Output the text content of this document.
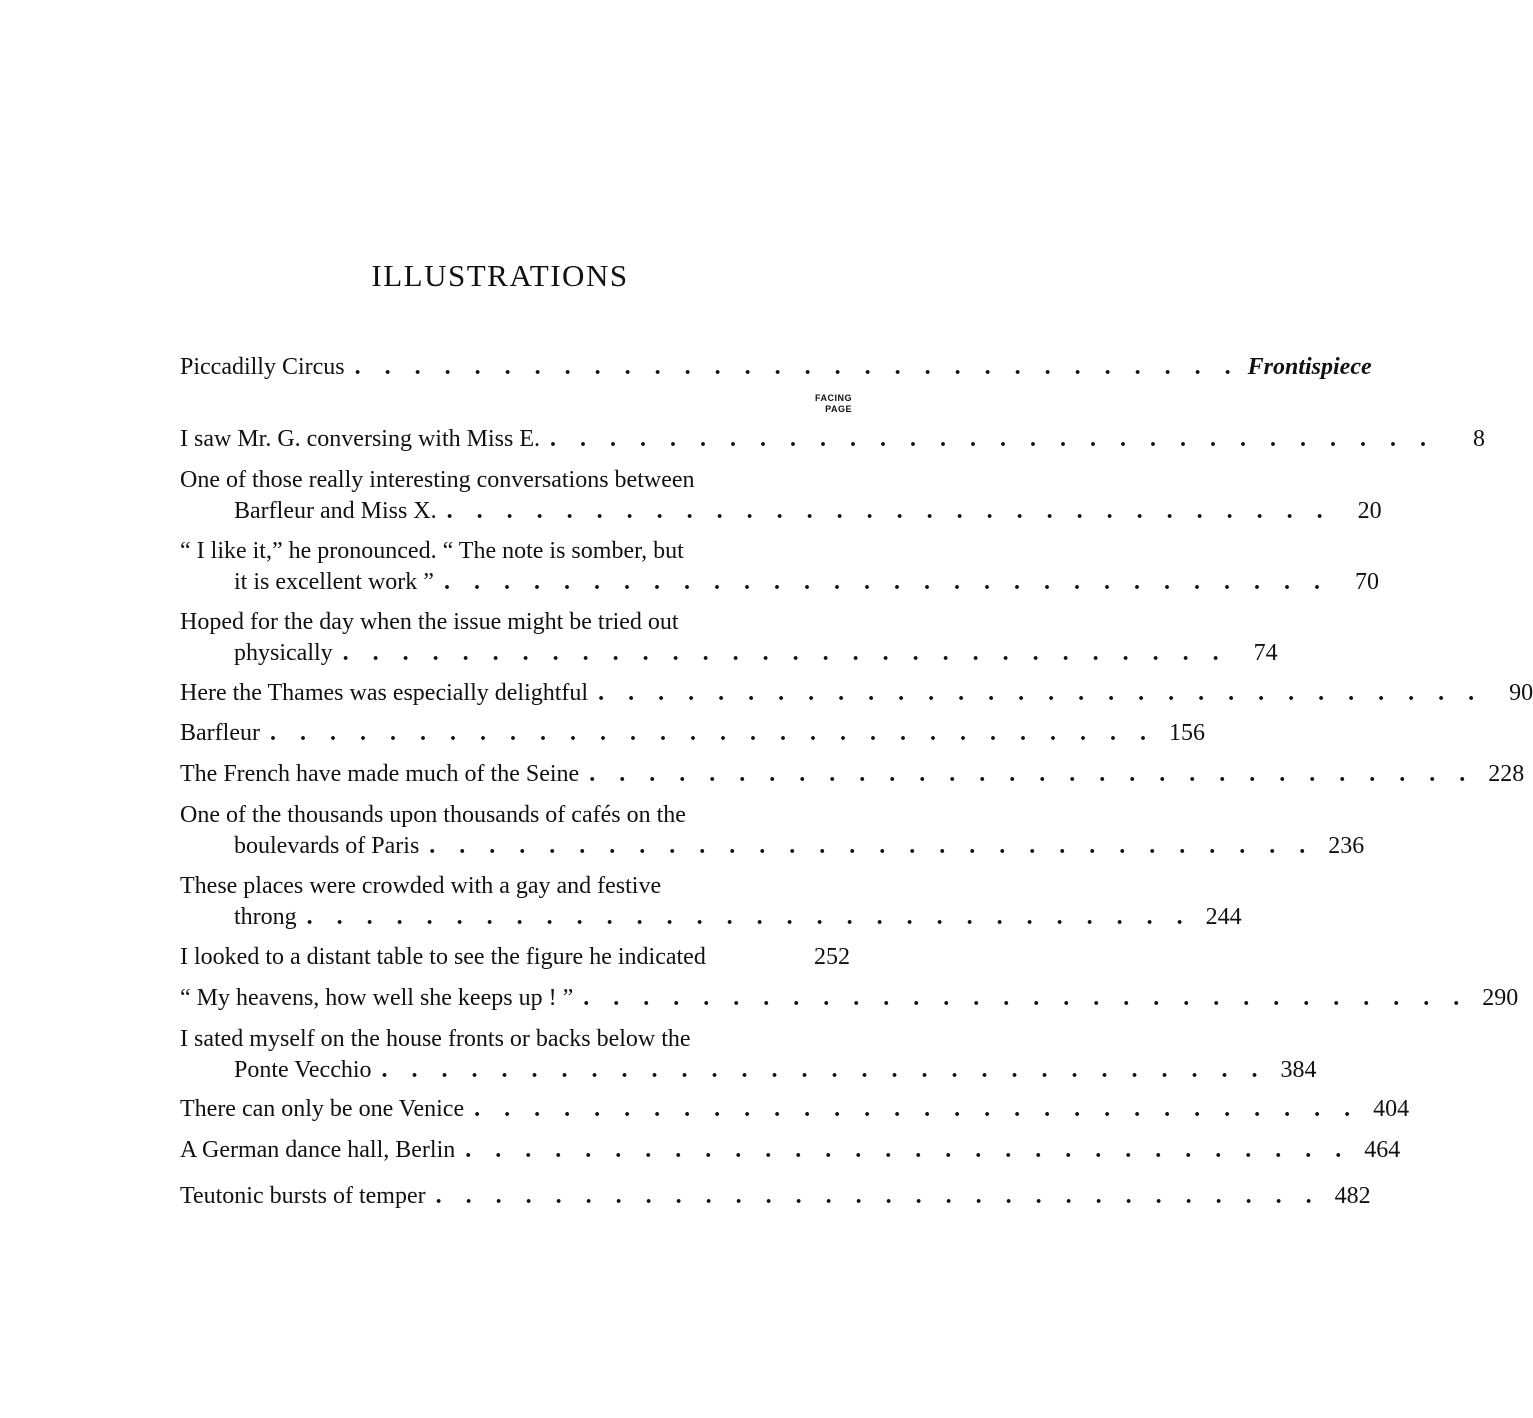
ILLUSTRATIONS
FACING
PAGE
Piccadilly Circus . . . . . . . . . . . . . . . . . . . . . . . . . . . . . . Frontispiece
I saw Mr. G. conversing with Miss E. . . . . . . . . . . . . . . . . . . . . . . . . . . . . . .	8
One of those really interesting conversations between
Barfleur and Miss X. . . . . . . . . . . . . . . . . . . . . . . . . . . . . . .	20
“ I like it,” he pronounced. “ The note is somber, but
it is excellent work ” . . . . . . . . . . . . . . . . . . . . . . . . . . . . . .	70
Hoped for the day when the issue might be tried out
physically . . . . . . . . . . . . . . . . . . . . . . . . . . . . . .	74
Here the Thames was especially delightful . . . . . . . . . . . . . . . . . . . . . . . . . . . . . .	90
Barfleur . . . . . . . . . . . . . . . . . . . . . . . . . . . . . . 156
The French have made much of the Seine . . . . . . . . . . . . . . . . . . . . . . . . . . . . . . 228
One of the thousands upon thousands of cafés on the
boulevards of Paris . . . . . . . . . . . . . . . . . . . . . . . . . . . . . . 236
These places were crowded with a gay and festive
throng . . . . . . . . . . . . . . . . . . . . . . . . . . . . . . 244
I looked to a distant table to see the figure he indicated	252
“ My heavens, how well she keeps up ! ” . . . . . . . . . . . . . . . . . . . . . . . . . . . . . . 290
I sated myself on the house fronts or backs below the
Ponte Vecchio . . . . . . . . . . . . . . . . . . . . . . . . . . . . . . 384
There can only be one Venice . . . . . . . . . . . . . . . . . . . . . . . . . . . . . . 404
A German dance hall, Berlin . . . . . . . . . . . . . . . . . . . . . . . . . . . . . . 464
Teutonic bursts of temper . . . . . . . . . . . . . . . . . . . . . . . . . . . . . . 482
